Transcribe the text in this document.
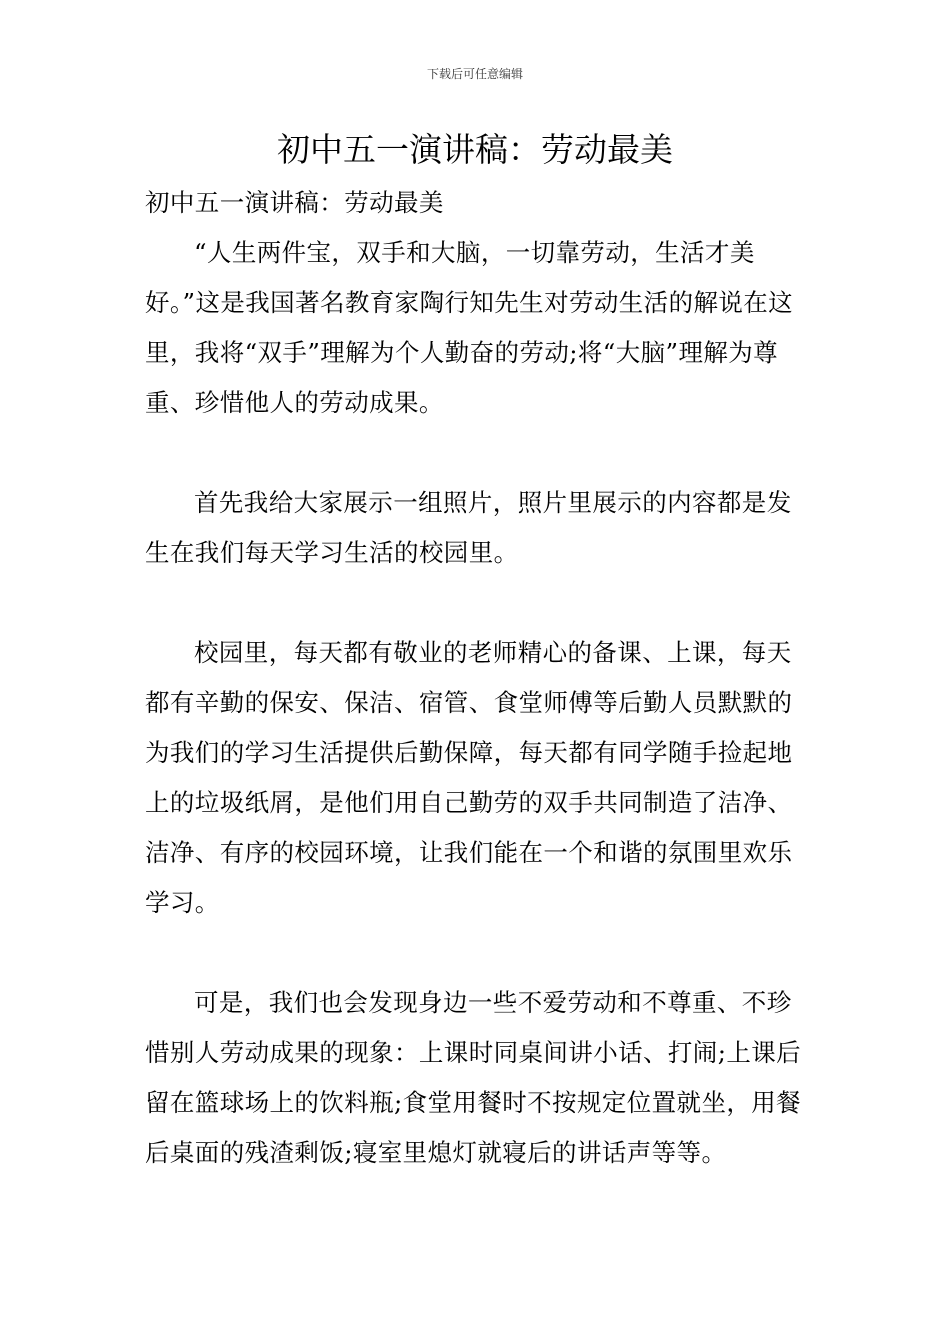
下载后可任意编辑
初中五一演讲稿：劳动最美

初中五一演讲稿：劳动最美

“人生两件宝，双手和大脑，一切靠劳动，生活才美好。”这是我国著名教育家陶行知先生对劳动生活的解说在这里，我将“双手”理解为个人勤奋的劳动;将“大脑”理解为尊重、珍惜他人的劳动成果。

首先我给大家展示一组照片，照片里展示的内容都是发生在我们每天学习生活的校园里。

校园里，每天都有敬业的老师精心的备课、上课，每天都有辛勤的保安、保洁、宿管、食堂师傅等后勤人员默默的为我们的学习生活提供后勤保障，每天都有同学随手捡起地上的垃圾纸屑，是他们用自己勤劳的双手共同制造了洁净、洁净、有序的校园环境，让我们能在一个和谐的氛围里欢乐学习。

可是，我们也会发现身边一些不爱劳动和不尊重、不珍惜别人劳动成果的现象：上课时同桌间讲小话、打闹;上课后留在篮球场上的饮料瓶;食堂用餐时不按规定位置就坐，用餐后桌面的残渣剩饭;寝室里熄灯就寝后的讲话声等等。
